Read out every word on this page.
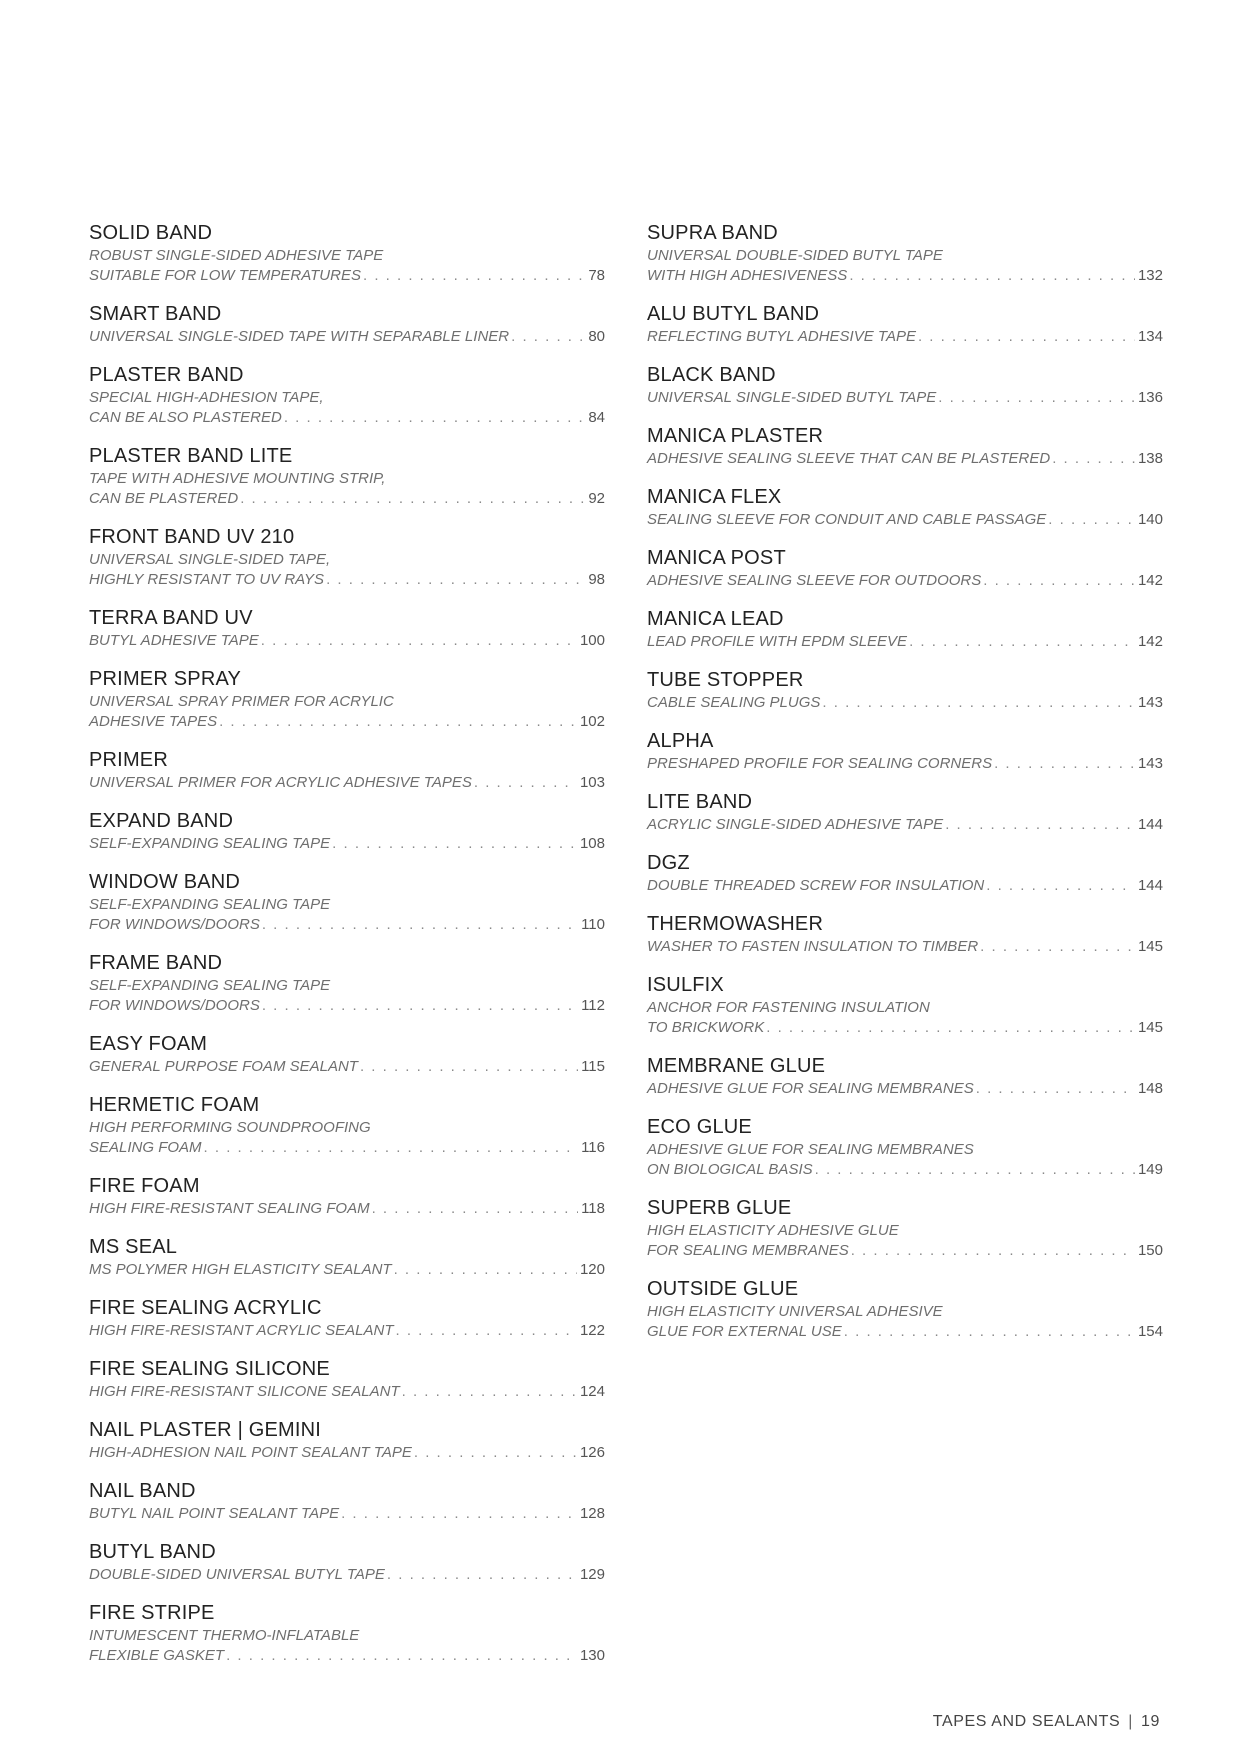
SOLID BAND
ROBUST SINGLE-SIDED ADHESIVE TAPE
SUITABLE FOR LOW TEMPERATURES . . .	78
SMART BAND
UNIVERSAL SINGLE-SIDED TAPE WITH SEPARABLE LINER . . .	80
PLASTER BAND
SPECIAL HIGH-ADHESION TAPE,
CAN BE ALSO PLASTERED . . .	84
PLASTER BAND LITE
TAPE WITH ADHESIVE MOUNTING STRIP,
CAN BE PLASTERED . . .	92
FRONT BAND UV 210
UNIVERSAL SINGLE-SIDED TAPE,
HIGHLY RESISTANT TO UV RAYS . . .	98
TERRA BAND UV
BUTYL ADHESIVE TAPE . . .	100
PRIMER SPRAY
UNIVERSAL SPRAY PRIMER FOR ACRYLIC
ADHESIVE TAPES . . .	102
PRIMER
UNIVERSAL PRIMER FOR ACRYLIC ADHESIVE TAPES . . .	103
EXPAND BAND
SELF-EXPANDING SEALING TAPE . . .	108
WINDOW BAND
SELF-EXPANDING SEALING TAPE
FOR WINDOWS/DOORS . . .	110
FRAME BAND
SELF-EXPANDING SEALING TAPE
FOR WINDOWS/DOORS . . .	112
EASY FOAM
GENERAL PURPOSE FOAM SEALANT . . .	115
HERMETIC FOAM
HIGH PERFORMING SOUNDPROOFING
SEALING FOAM . . .	116
FIRE FOAM
HIGH FIRE-RESISTANT SEALING FOAM . . .	118
MS SEAL
MS POLYMER HIGH ELASTICITY SEALANT . . .	120
FIRE SEALING ACRYLIC
HIGH FIRE-RESISTANT ACRYLIC SEALANT . . .	122
FIRE SEALING SILICONE
HIGH FIRE-RESISTANT SILICONE SEALANT . . .	124
NAIL PLASTER | GEMINI
HIGH-ADHESION NAIL POINT SEALANT TAPE . . .	126
NAIL BAND
BUTYL NAIL POINT SEALANT TAPE . . .	128
BUTYL BAND
DOUBLE-SIDED UNIVERSAL BUTYL TAPE . . .	129
FIRE STRIPE
INTUMESCENT THERMO-INFLATABLE
FLEXIBLE GASKET . . .	130
SUPRA BAND
UNIVERSAL DOUBLE-SIDED BUTYL TAPE
WITH HIGH ADHESIVENESS . . .	132
ALU BUTYL BAND
REFLECTING BUTYL ADHESIVE TAPE . . .	134
BLACK BAND
UNIVERSAL SINGLE-SIDED BUTYL TAPE . . .	136
MANICA PLASTER
ADHESIVE SEALING SLEEVE THAT CAN BE PLASTERED . . .	138
MANICA FLEX
SEALING SLEEVE FOR CONDUIT AND CABLE PASSAGE . . .	140
MANICA POST
ADHESIVE SEALING SLEEVE FOR OUTDOORS . . .	142
MANICA LEAD
LEAD PROFILE WITH EPDM SLEEVE . . .	142
TUBE STOPPER
CABLE SEALING PLUGS . . .	143
ALPHA
PRESHAPED PROFILE FOR SEALING CORNERS . . .	143
LITE BAND
ACRYLIC SINGLE-SIDED ADHESIVE TAPE . . .	144
DGZ
DOUBLE THREADED SCREW FOR INSULATION . . .	144
THERMOWASHER
WASHER TO FASTEN INSULATION TO TIMBER . . .	145
ISULFIX
ANCHOR FOR FASTENING INSULATION
TO BRICKWORK . . .	145
MEMBRANE GLUE
ADHESIVE GLUE FOR SEALING MEMBRANES . . .	148
ECO GLUE
ADHESIVE GLUE FOR SEALING MEMBRANES
ON BIOLOGICAL BASIS . . .	149
SUPERB GLUE
HIGH ELASTICITY ADHESIVE GLUE
FOR SEALING MEMBRANES . . .	150
OUTSIDE GLUE
HIGH ELASTICITY UNIVERSAL ADHESIVE
GLUE FOR EXTERNAL USE . . .	154
TAPES AND SEALANTS | 19
